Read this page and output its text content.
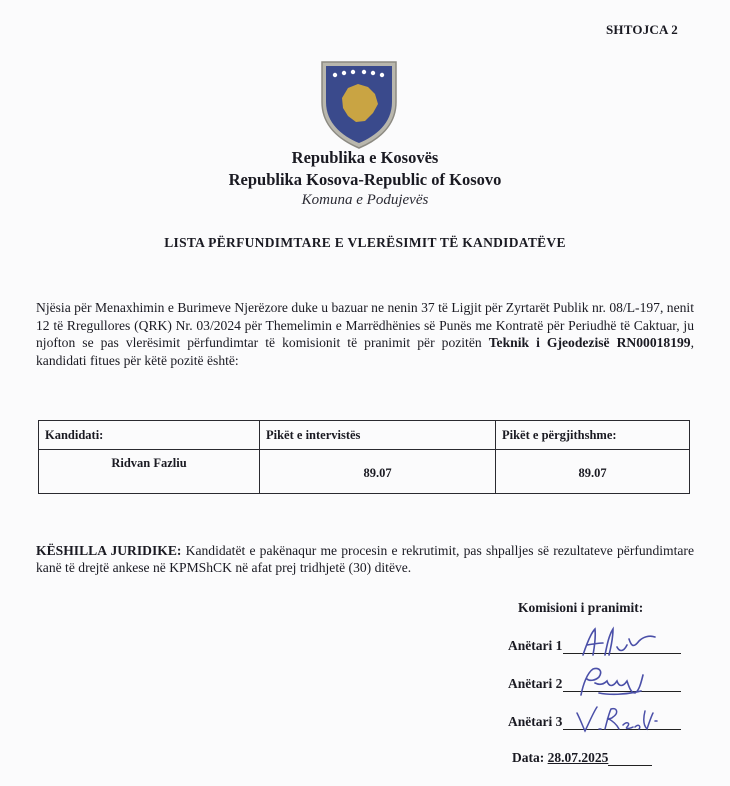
SHTOJCA 2
Republika e Kosovës
Republika Kosova-Republic of Kosovo
Komuna e Podujevës
LISTA PËRFUNDIMTARE E VLERËSIMIT TË KANDIDATËVE
Njësia për Menaxhimin e Burimeve Njerëzore duke u bazuar ne nenin 37 të Ligjit për Zyrtarët Publik nr. 08/L-197, nenit 12 të Rregullores (QRK) Nr. 03/2024 për Themelimin e Marrëdhënies së Punës me Kontratë për Periudhë të Caktuar, ju njofton se pas vlerësimit përfundimtar të komisionit të pranimit për pozitën Teknik i Gjeodezisë RN00018199, kandidati fitues për këtë pozitë është:
Kandidati:	Pikët e intervistës	Pikët e përgjithshme:
Ridvan Fazliu	89.07	89.07
KËSHILLA JURIDIKE: Kandidatët e pakënaqur me procesin e rekrutimit, pas shpalljes së rezultateve përfundimtare kanë të drejtë ankese në KPMShCK në afat prej tridhjetë (30) ditëve.
Komisioni i pranimit:
Anëtari 1
Anëtari 2
Anëtari 3
Data: 28.07.2025
